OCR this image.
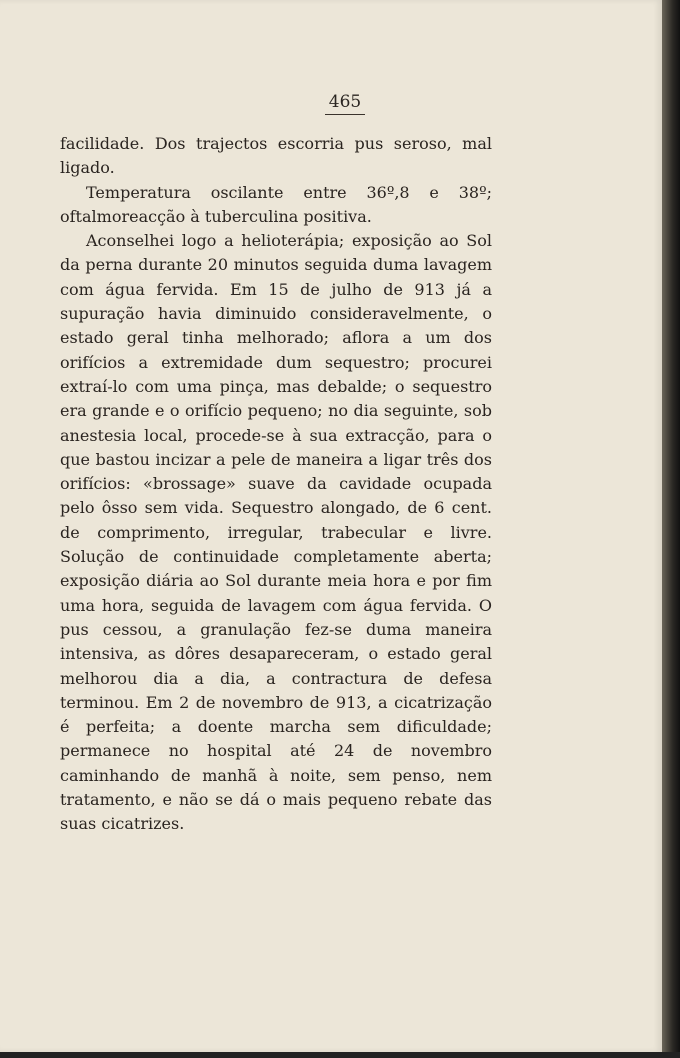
465

facilidade. Dos trajectos escorria pus seroso, mal ligado.

Temperatura oscilante entre 36º,8 e 38º; oftalmoreacção à tuberculina positiva.

Aconselhei logo a helioterápia; exposição ao Sol da perna durante 20 minutos seguida duma lavagem com água fervida. Em 15 de julho de 913 já a supuração havia diminuido consideravelmente, o estado geral tinha melhorado; aflora a um dos orifícios a extremidade dum sequestro; procurei extraí-lo com uma pinça, mas debalde; o sequestro era grande e o orifício pequeno; no dia seguinte, sob anestesia local, procede-se à sua extracção, para o que bastou incizar a pele de maneira a ligar três dos orifícios: «brossage» suave da cavidade ocupada pelo ôsso sem vida. Sequestro alongado, de 6 cent. de comprimento, irregular, trabecular e livre. Solução de continuidade completamente aberta; exposição diária ao Sol durante meia hora e por fim uma hora, seguida de lavagem com água fervida. O pus cessou, a granulação fez-se duma maneira intensiva, as dôres desapareceram, o estado geral melhorou dia a dia, a contractura de defesa terminou. Em 2 de novembro de 913, a cicatrização é perfeita; a doente marcha sem dificuldade; permanece no hospital até 24 de novembro caminhando de manhã à noite, sem penso, nem tratamento, e não se dá o mais pequeno rebate das suas cicatrizes.
